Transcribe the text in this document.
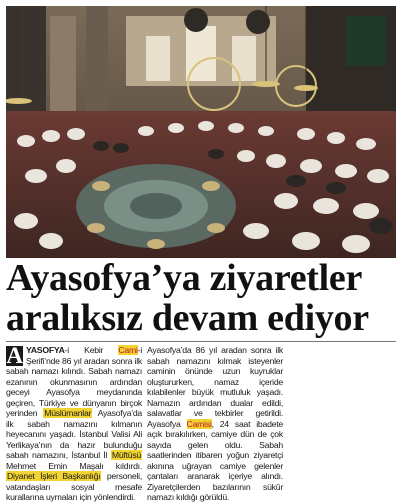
Ayasofya’ya ziyaretler
aralıksız devam ediyor

A YASOFYA-i Kebir Cami-i Şerifi’nde 86 yıl aradan sonra ilk sabah namazı kılındı. Sabah namazı ezanının okunmasının ardından geceyi Ayasofya meydanında geçiren, Türkiye ve dünyanın birçok yerinden Müslümanlar Ayasofya’da ilk sabah namazını kılmanın heyecanını yaşadı. İstanbul Valisi Ali Yerlikaya’nın da hazır bulunduğu sabah namazını, İstanbul İl Müftüsü Mehmet Emin Maşalı kıldırdı. Diyanet İşleri Başkanlığı personeli, vatandaşları sosyal mesafe kurallarına uymaları için yönlendirdi.

Ayasofya’da 86 yıl aradan sonra ilk sabah namazını kılmak isteyenler caminin önünde uzun kuyruklar oluştururken, namaz içeride kılabilenler büyük mutluluk yaşadı. Namazın ardından dualar edildi, salavatlar ve tekbirler getirildi. Ayasofya Camisi, 24 saat ibadete açık bırakılırken, camiye dün de çok sayıda gelen oldu. Sabah saatlerinden itibaren yoğun ziyaretçi akınına uğrayan camiye gelenler çantaları aranarak içeriye alındı. Ziyaretçilerden bazılarının sükûr namazı kıldığı görüldü.
